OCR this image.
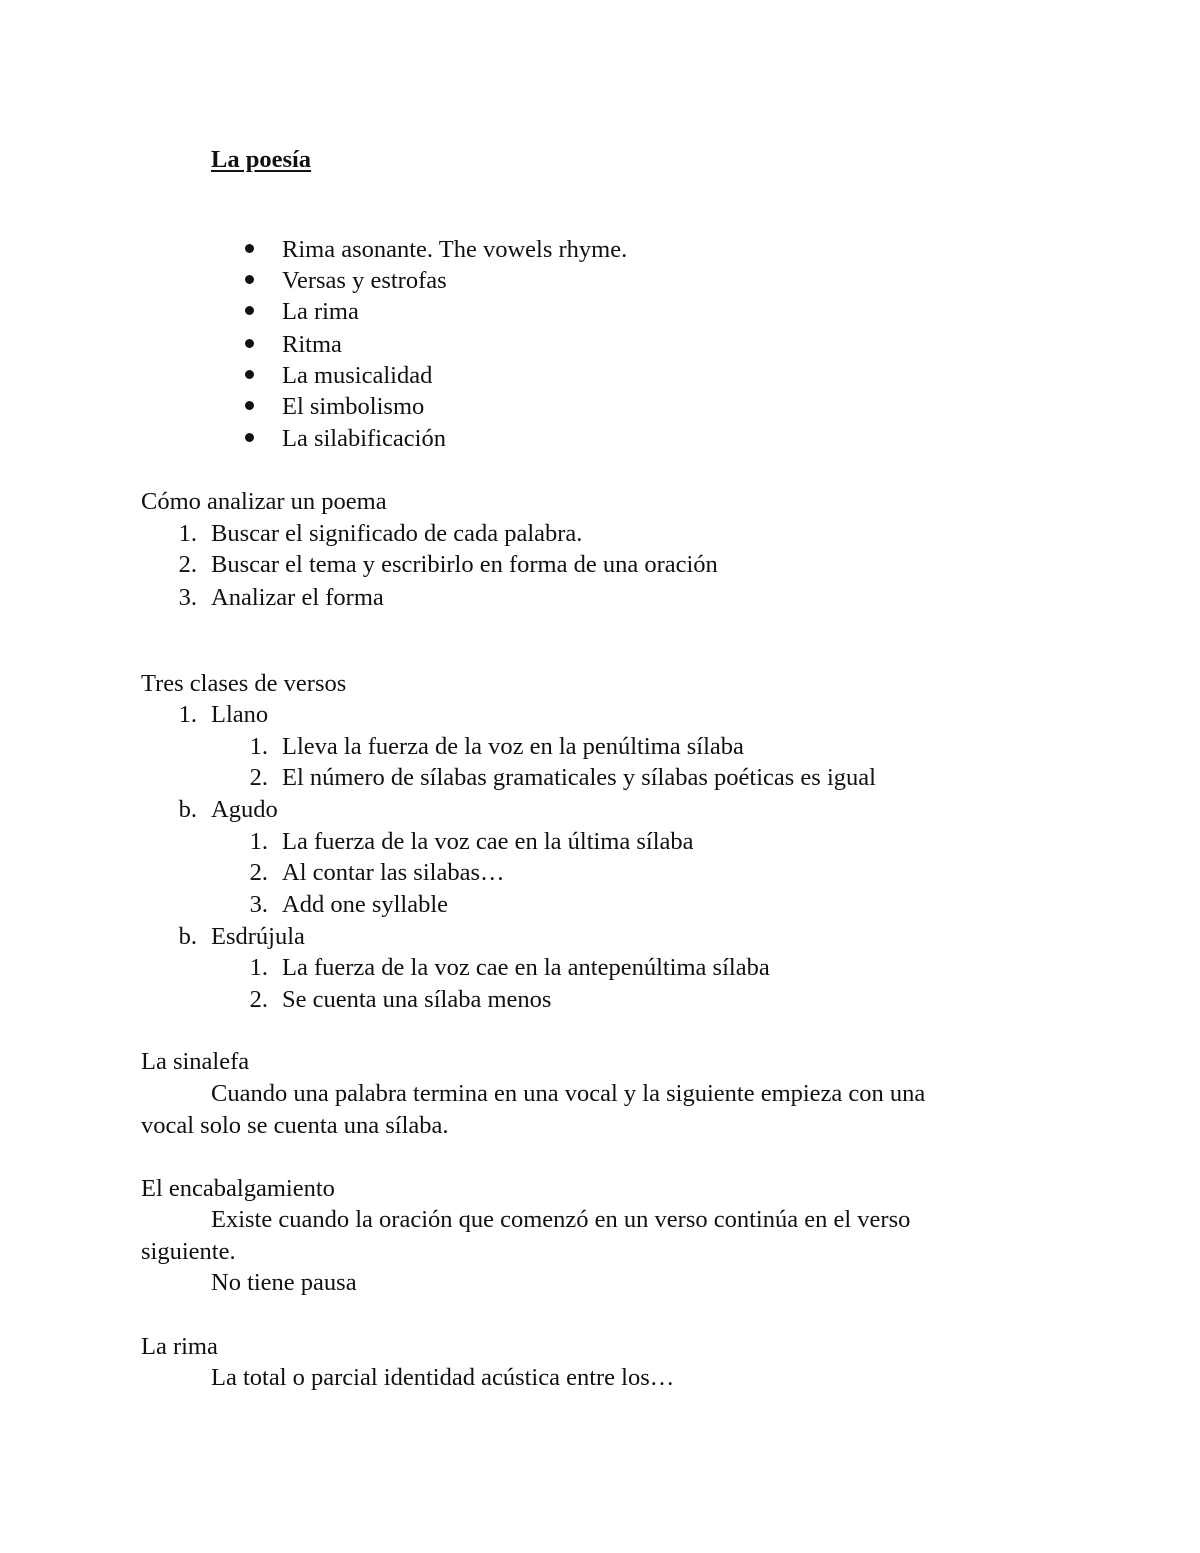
La poesía
Rima asonante. The vowels rhyme.
Versas y estrofas
La rima
Ritma
La musicalidad
El simbolismo
La silabificación
Cómo analizar un poema
1. Buscar el significado de cada palabra.
2. Buscar el tema y escribirlo en forma de una oración
3. Analizar el forma
Tres clases de versos
1. Llano
1. Lleva la fuerza de la voz en la penúltima sílaba
2. El número de sílabas gramaticales y sílabas poéticas es igual
b. Agudo
1. La fuerza de la voz cae en la última sílaba
2. Al contar las silabas…
3. Add one syllable
b. Esdrújula
1. La fuerza de la voz cae en la antepenúltima sílaba
2. Se cuenta una sílaba menos
La sinalefa
Cuando una palabra termina en una vocal y la siguiente empieza con una
vocal solo se cuenta una sílaba.
El encabalgamiento
Existe cuando la oración que comenzó en un verso continúa en el verso
siguiente.
No tiene pausa
La rima
La total o parcial identidad acústica entre los…
